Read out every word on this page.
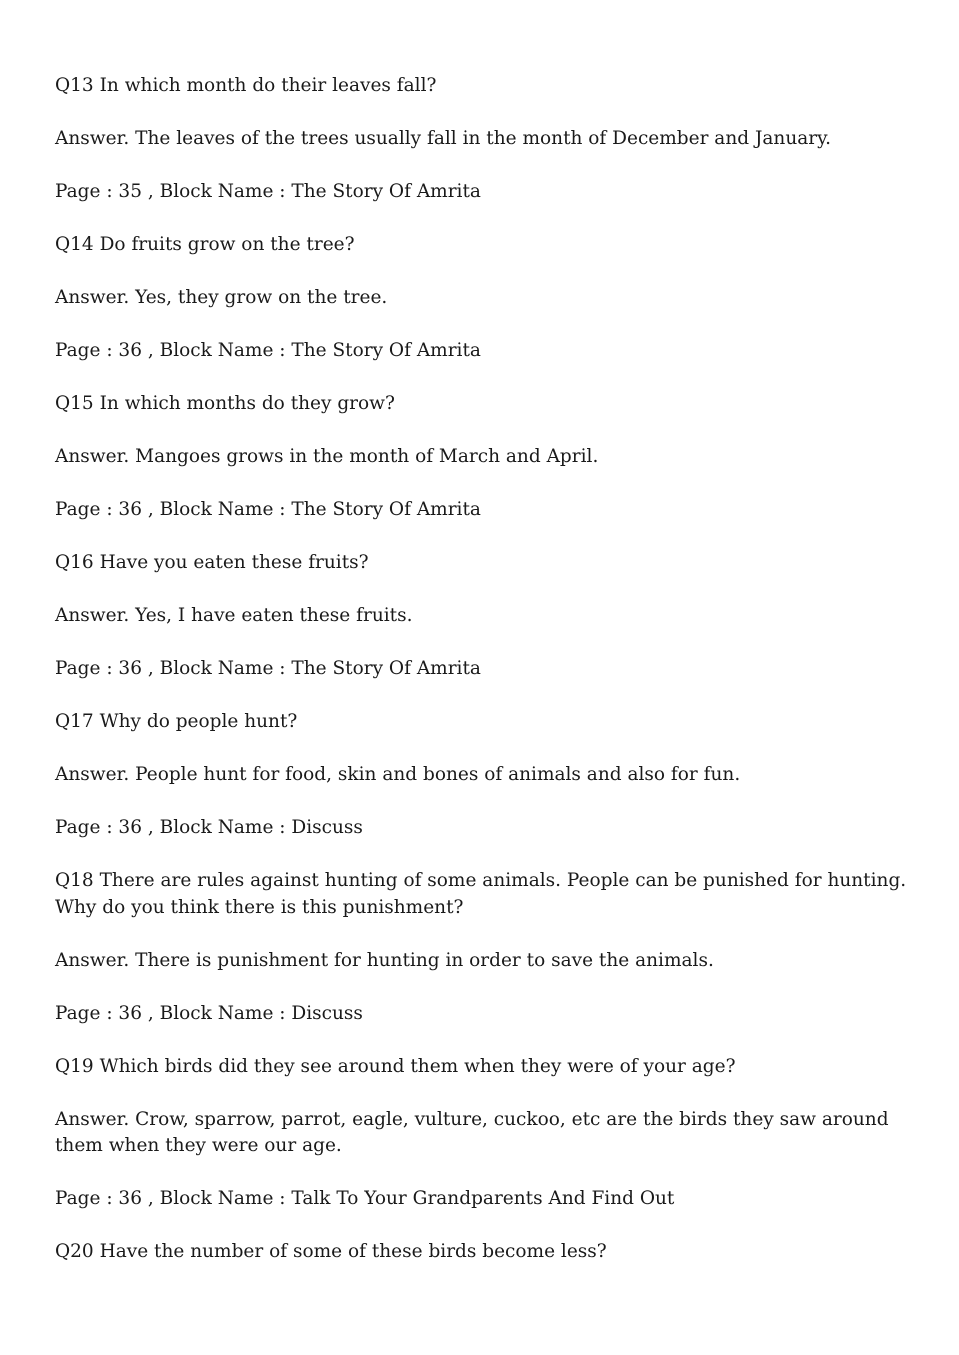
Q13 In which month do their leaves fall?

Answer. The leaves of the trees usually fall in the month of December and January.

Page : 35 , Block Name : The Story Of Amrita

Q14 Do fruits grow on the tree?

Answer. Yes, they grow on the tree.

Page : 36 , Block Name : The Story Of Amrita

Q15 In which months do they grow?

Answer. Mangoes grows in the month of March and April.

Page : 36 , Block Name : The Story Of Amrita

Q16 Have you eaten these fruits?

Answer. Yes, I have eaten these fruits.

Page : 36 , Block Name : The Story Of Amrita

Q17 Why do people hunt?

Answer. People hunt for food, skin and bones of animals and also for fun.

Page : 36 , Block Name : Discuss

Q18 There are rules against hunting of some animals. People can be punished for hunting. Why do you think there is this punishment?

Answer. There is punishment for hunting in order to save the animals.

Page : 36 , Block Name : Discuss

Q19 Which birds did they see around them when they were of your age?

Answer. Crow, sparrow, parrot, eagle, vulture, cuckoo, etc are the birds they saw around them when they were our age.

Page : 36 , Block Name : Talk To Your Grandparents And Find Out

Q20 Have the number of some of these birds become less?
